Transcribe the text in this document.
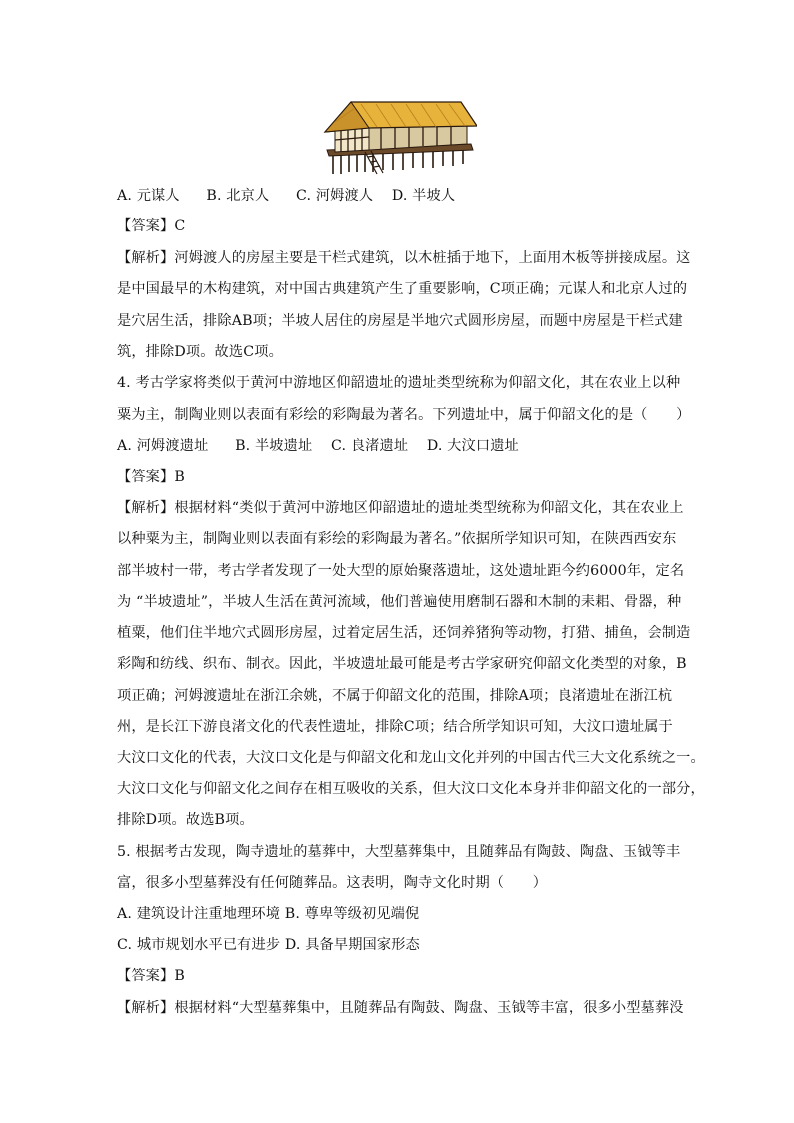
A. 元谋人 B. 北京人 C. 河姆渡人 D. 半坡人
【答案】C
【解析】河姆渡人的房屋主要是干栏式建筑，以木桩插于地下，上面用木板等拼接成屋。这
是中国最早的木构建筑，对中国古典建筑产生了重要影响，C项正确；元谋人和北京人过的
是穴居生活，排除AB项；半坡人居住的房屋是半地穴式圆形房屋，而题中房屋是干栏式建
筑，排除D项。故选C项。
4. 考古学家将类似于黄河中游地区仰韶遗址的遗址类型统称为仰韶文化，其在农业上以种
粟为主，制陶业则以表面有彩绘的彩陶最为著名。下列遗址中，属于仰韶文化的是（　　）
A. 河姆渡遗址 B. 半坡遗址 C. 良渚遗址 D. 大汶口遗址
【答案】B
【解析】根据材料“类似于黄河中游地区仰韶遗址的遗址类型统称为仰韶文化，其在农业上
以种粟为主，制陶业则以表面有彩绘的彩陶最为著名。”依据所学知识可知，在陕西西安东
部半坡村一带，考古学者发现了一处大型的原始聚落遗址，这处遗址距今约6000年，定名
为 “半坡遗址”，半坡人生活在黄河流域，他们普遍使用磨制石器和木制的耒耜、骨器，种
植粟，他们住半地穴式圆形房屋，过着定居生活，还饲养猪狗等动物，打猎、捕鱼，会制造
彩陶和纺线、织布、制衣。因此，半坡遗址最可能是考古学家研究仰韶文化类型的对象，B
项正确；河姆渡遗址在浙江余姚，不属于仰韶文化的范围，排除A项；良渚遗址在浙江杭
州，是长江下游良渚文化的代表性遗址，排除C项；结合所学知识可知，大汶口遗址属于
大汶口文化的代表，大汶口文化是与仰韶文化和龙山文化并列的中国古代三大文化系统之一。
大汶口文化与仰韶文化之间存在相互吸收的关系，但大汶口文化本身并非仰韶文化的一部分，
排除D项。故选B项。
5. 根据考古发现，陶寺遗址的墓葬中，大型墓葬集中，且随葬品有陶鼓、陶盘、玉钺等丰
富，很多小型墓葬没有任何随葬品。这表明，陶寺文化时期（　　）
A. 建筑设计注重地理环境 B. 尊卑等级初见端倪
C. 城市规划水平已有进步 D. 具备早期国家形态
【答案】B
【解析】根据材料“大型墓葬集中，且随葬品有陶鼓、陶盘、玉钺等丰富，很多小型墓葬没
